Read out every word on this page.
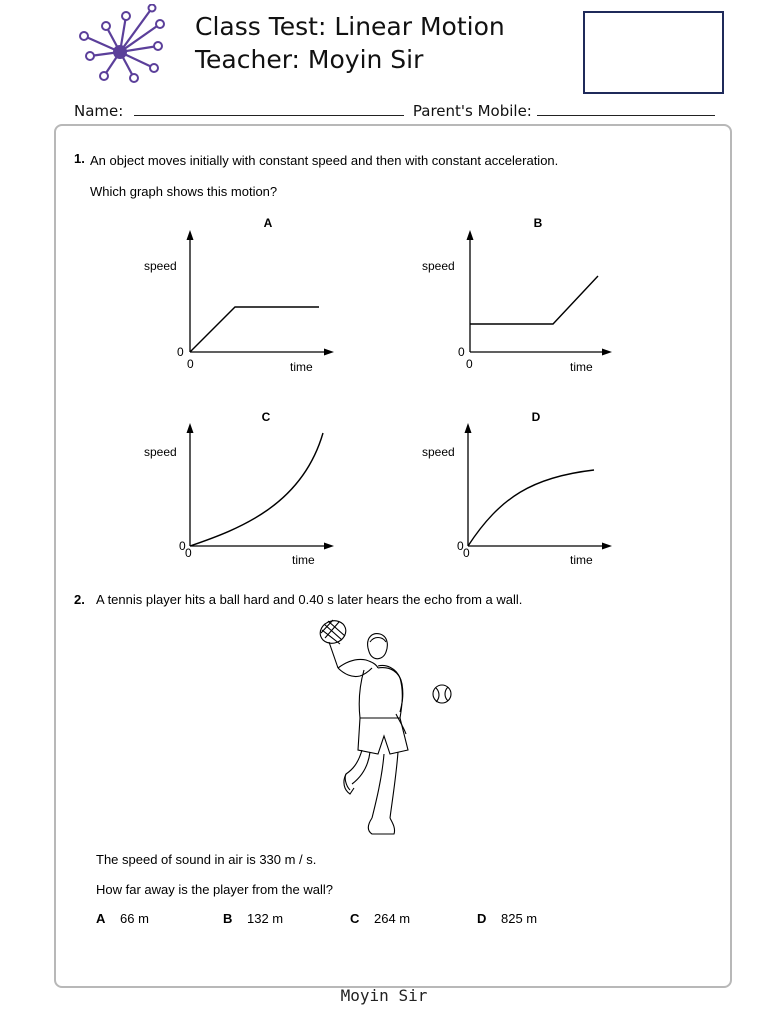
Class Test: Linear Motion
Teacher: Moyin Sir
Name:	Parent's Mobile:
1. An object moves initially with constant speed and then with constant acceleration.
Which graph shows this motion?
A
speed
0
0	time
B
speed
0
0	time
C
speed
0 0	time
D
speed
0 0	time
2. A tennis player hits a ball hard and 0.40 s later hears the echo from a wall.
The speed of sound in air is 330 m / s.
How far away is the player from the wall?
A 66 m	B 132 m	C 264 m	D 825 m
Moyin Sir
